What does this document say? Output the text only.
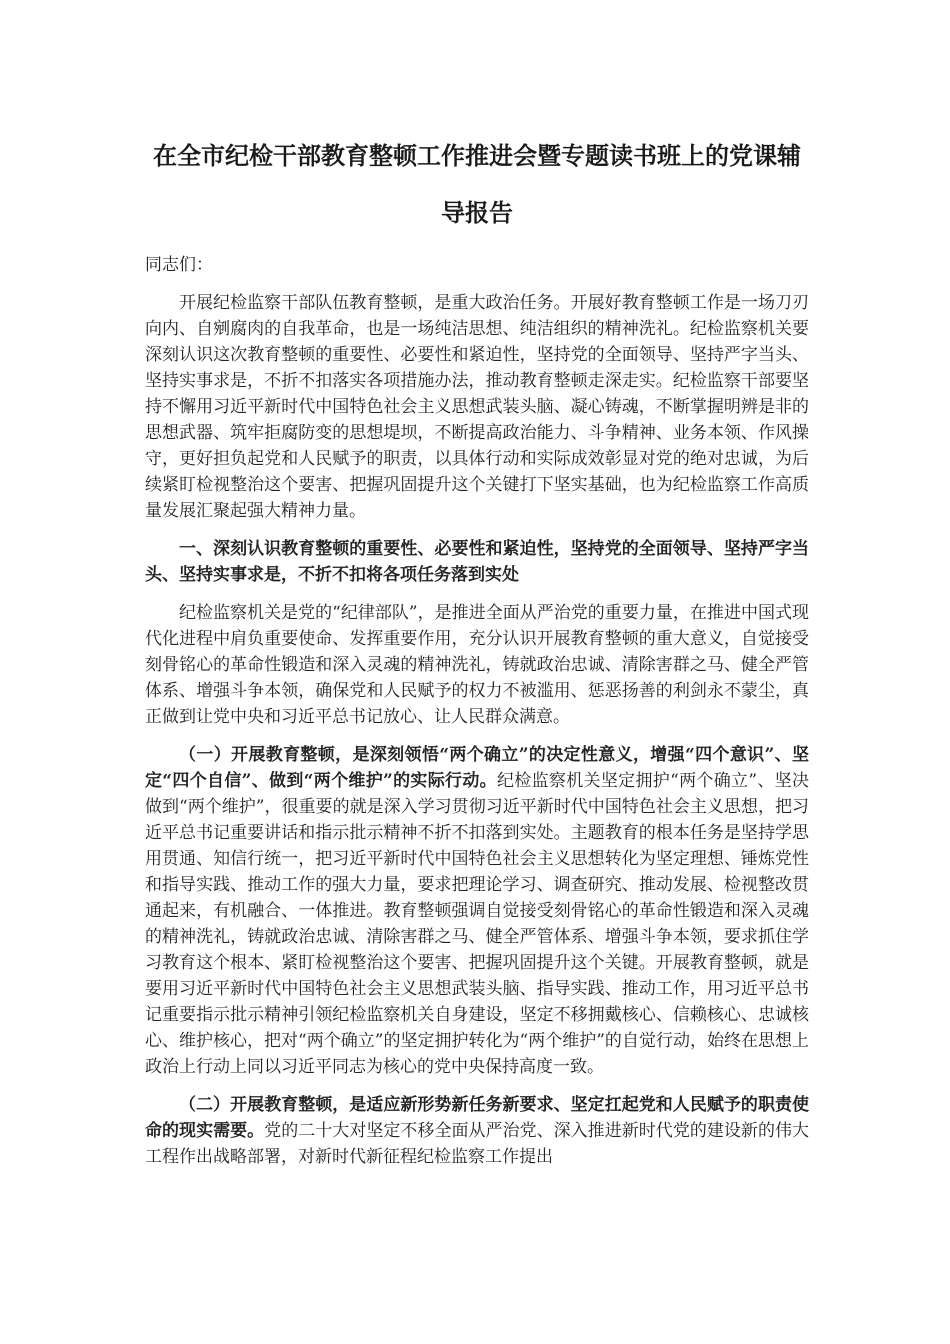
在全市纪检干部教育整顿工作推进会暨专题读书班上的党课辅
导报告

同志们：

开展纪检监察干部队伍教育整顿，是重大政治任务。开展好教育整顿工作是一场刀刃向内、自剜腐肉的自我革命，也是一场纯洁思想、纯洁组织的精神洗礼。纪检监察机关要深刻认识这次教育整顿的重要性、必要性和紧迫性，坚持党的全面领导、坚持严字当头、坚持实事求是，不折不扣落实各项措施办法，推动教育整顿走深走实。纪检监察干部要坚持不懈用习近平新时代中国特色社会主义思想武装头脑、凝心铸魂，不断掌握明辨是非的思想武器、筑牢拒腐防变的思想堤坝，不断提高政治能力、斗争精神、业务本领、作风操守，更好担负起党和人民赋予的职责，以具体行动和实际成效彰显对党的绝对忠诚，为后续紧盯检视整治这个要害、把握巩固提升这个关键打下坚实基础，也为纪检监察工作高质量发展汇聚起强大精神力量。

一、深刻认识教育整顿的重要性、必要性和紧迫性，坚持党的全面领导、坚持严字当头、坚持实事求是，不折不扣将各项任务落到实处

纪检监察机关是党的“纪律部队”，是推进全面从严治党的重要力量，在推进中国式现代化进程中肩负重要使命、发挥重要作用，充分认识开展教育整顿的重大意义，自觉接受刻骨铭心的革命性锻造和深入灵魂的精神洗礼，铸就政治忠诚、清除害群之马、健全严管体系、增强斗争本领，确保党和人民赋予的权力不被滥用、惩恶扬善的利剑永不蒙尘，真正做到让党中央和习近平总书记放心、让人民群众满意。

（一）开展教育整顿，是深刻领悟“两个确立”的决定性意义，增强“四个意识”、坚定“四个自信”、做到“两个维护”的实际行动。纪检监察机关坚定拥护“两个确立”、坚决做到“两个维护”，很重要的就是深入学习贯彻习近平新时代中国特色社会主义思想，把习近平总书记重要讲话和指示批示精神不折不扣落到实处。主题教育的根本任务是坚持学思用贯通、知信行统一，把习近平新时代中国特色社会主义思想转化为坚定理想、锤炼党性和指导实践、推动工作的强大力量，要求把理论学习、调查研究、推动发展、检视整改贯通起来，有机融合、一体推进。教育整顿强调自觉接受刻骨铭心的革命性锻造和深入灵魂的精神洗礼，铸就政治忠诚、清除害群之马、健全严管体系、增强斗争本领，要求抓住学习教育这个根本、紧盯检视整治这个要害、把握巩固提升这个关键。开展教育整顿，就是要用习近平新时代中国特色社会主义思想武装头脑、指导实践、推动工作，用习近平总书记重要指示批示精神引领纪检监察机关自身建设，坚定不移拥戴核心、信赖核心、忠诚核心、维护核心，把对“两个确立”的坚定拥护转化为“两个维护”的自觉行动，始终在思想上政治上行动上同以习近平同志为核心的党中央保持高度一致。

（二）开展教育整顿，是适应新形势新任务新要求、坚定扛起党和人民赋予的职责使命的现实需要。党的二十大对坚定不移全面从严治党、深入推进新时代党的建设新的伟大工程作出战略部署，对新时代新征程纪检监察工作提出
